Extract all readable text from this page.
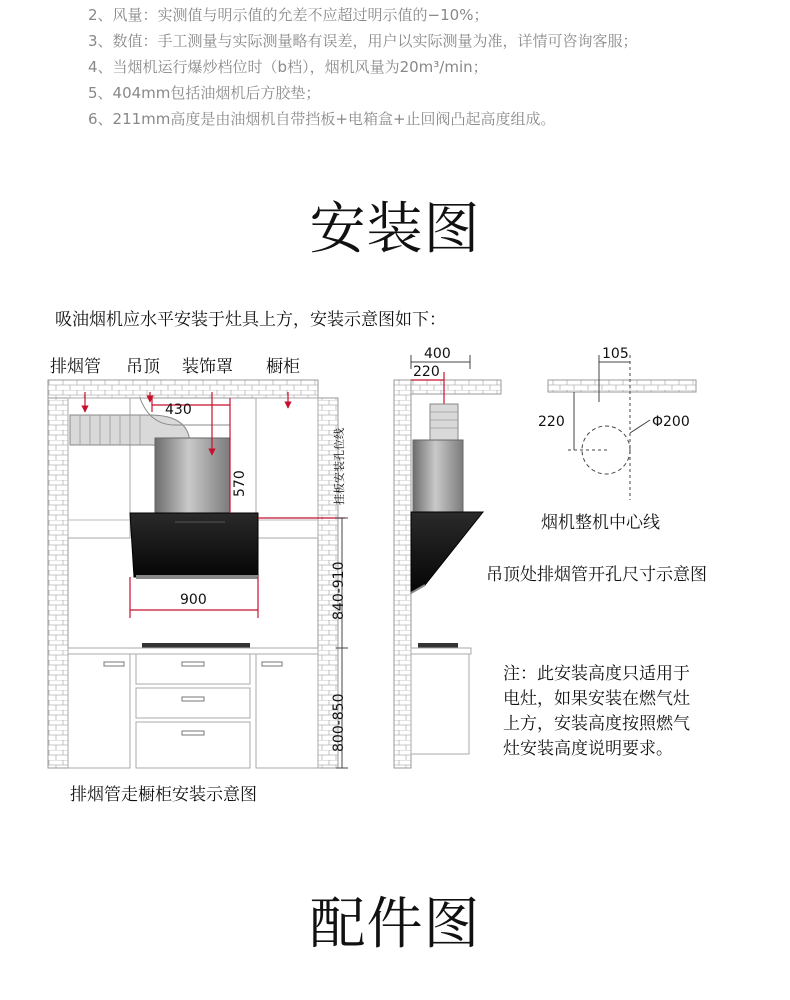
2、风量：实测值与明示值的允差不应超过明示值的−10%；
3、数值：手工测量与实际测量略有误差，用户以实际测量为准，详情可咨询客服；
4、当烟机运行爆炒档位时（b档），烟机风量为20m³/min；
5、404mm包括油烟机后方胶垫；
6、211mm高度是由油烟机自带挡板+电箱盒+止回阀凸起高度组成。
安装图
吸油烟机应水平安装于灶具上方，安装示意图如下：
排烟管 吊顶 装饰罩 橱柜
430
570
900
挂板安装孔位线
840-910
800-850
400
220
105
220	Φ200
烟机整机中心线
吊顶处排烟管开孔尺寸示意图
排烟管走橱柜安装示意图
注：此安装高度只适用于
电灶，如果安装在燃气灶
上方，安装高度按照燃气
灶安装高度说明要求。
配件图
